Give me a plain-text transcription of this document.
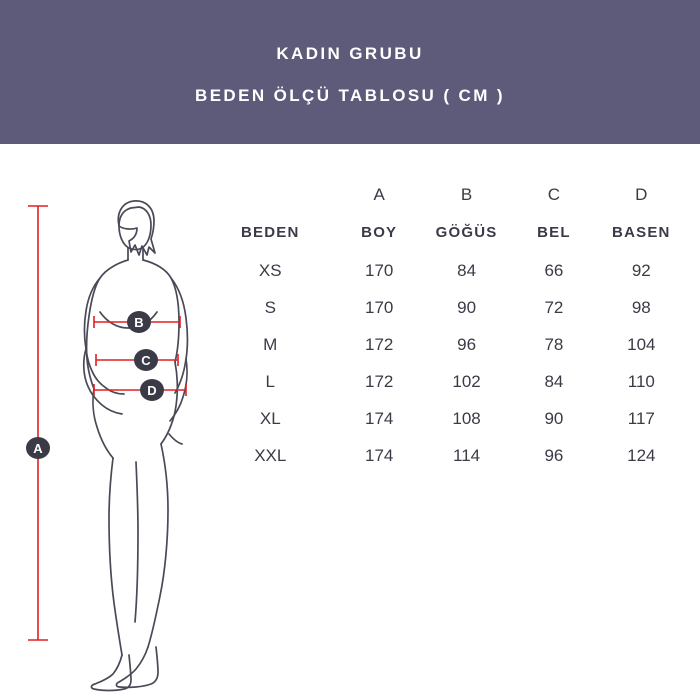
KADIN GRUBU
BEDEN ÖLÇÜ TABLOSU ( CM )
A
B
C
D
	A	B	C	D
BEDEN	BOY	GÖĞÜS	BEL	BASEN
XS	170	84	66	92
S	170	90	72	98
M	172	96	78	104
L	172	102	84	110
XL	174	108	90	117
XXL	174	114	96	124
